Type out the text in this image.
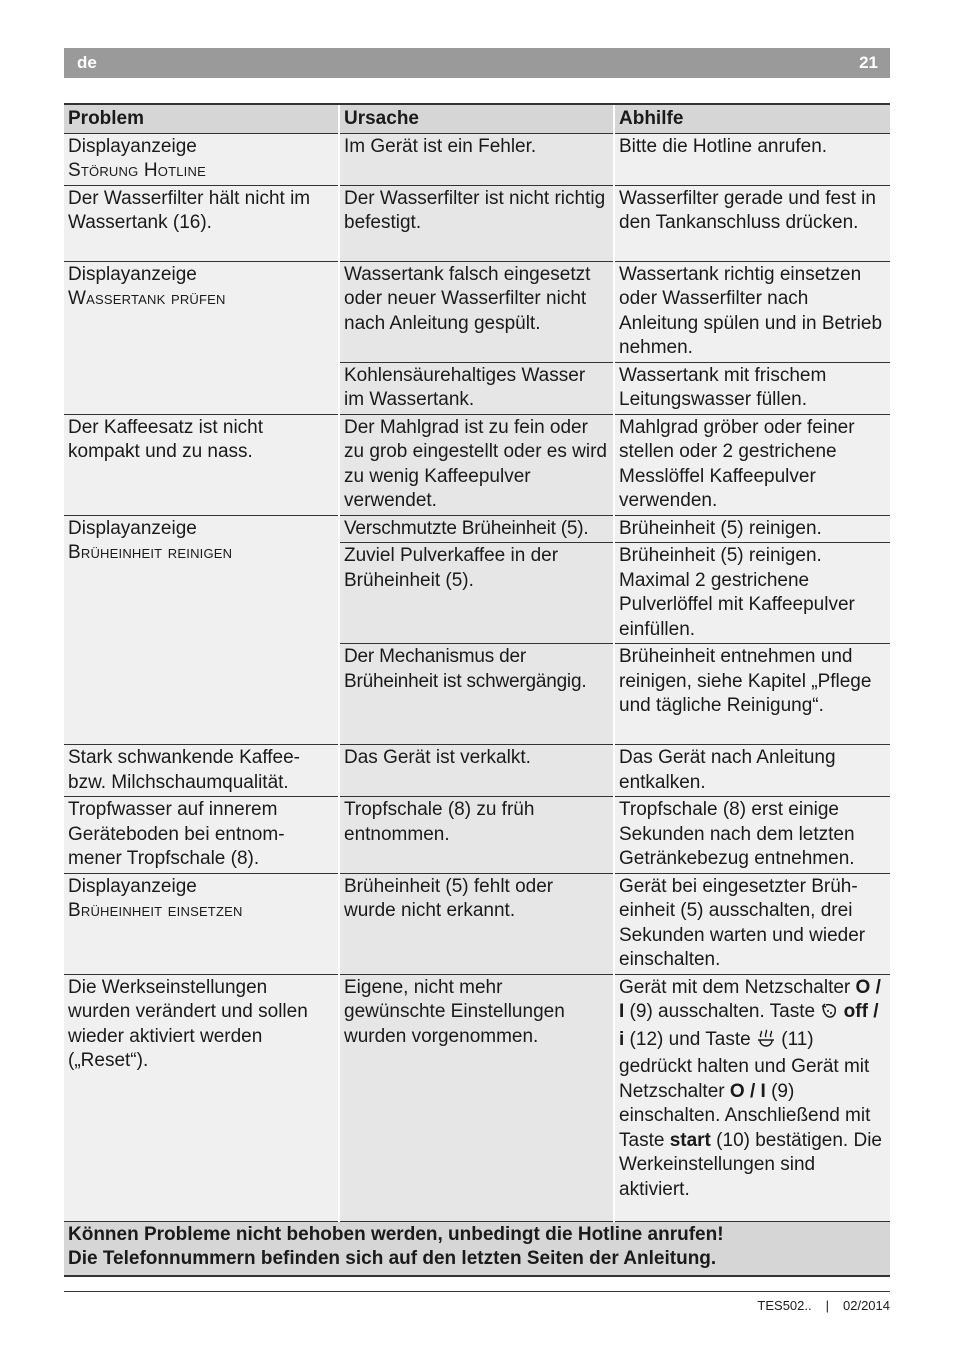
de	21
Problem	Ursache	Abhilfe

Displayanzeige
Störung Hotline	Im Gerät ist ein Fehler.	Bitte die Hotline anrufen.
Der Wasserfilter hält nicht im Wassertank (16).	Der Wasserfilter ist nicht richtig befestigt.	Wasserfilter gerade und fest in den Tankanschluss drücken.

Displayanzeige
Wassertank prüfen	Wassertank falsch eingesetzt oder neuer Wasserfilter nicht nach Anleitung gespült.	Wassertank richtig einsetzen oder Wasserfilter nach Anleitung spülen und in Betrieb nehmen.
	Kohlensäurehaltiges Wasser im Wassertank.	Wassertank mit frischem Leitungswasser füllen.
Der Kaffeesatz ist nicht kompakt und zu nass.	Der Mahlgrad ist zu fein oder zu grob eingestellt oder es wird zu wenig Kaffeepulver verwendet.	Mahlgrad gröber oder feiner stellen oder 2 gestrichene Messlöffel Kaffeepulver verwenden.

Displayanzeige
Brüheinheit reinigen	Verschmutzte Brüheinheit (5).	Brüheinheit (5) reinigen.
	Zuviel Pulverkaffee in der Brüheinheit (5).	Brüheinheit (5) reinigen. Maximal 2 gestrichene Pulverlöffel mit Kaffeepulver einfüllen.
	Der Mechanismus der Brüheinheit ist schwergängig.	Brüheinheit entnehmen und reinigen, siehe Kapitel „Pflege und tägliche Reinigung“.
Stark schwankende Kaffee- bzw. Milchschaumqualität.	Das Gerät ist verkalkt.	Das Gerät nach Anleitung entkalken.
Tropfwasser auf innerem Geräteboden bei entnom-mener Tropfschale (8).	Tropfschale (8) zu früh entnommen.	Tropfschale (8) erst einige Sekunden nach dem letzten Getränkebezug entnehmen.

Displayanzeige
Brüheinheit einsetzen	Brüheinheit (5) fehlt oder wurde nicht erkannt.	Gerät bei eingesetzter Brüh-einheit (5) ausschalten, drei Sekunden warten und wieder einschalten.
Die Werkseinstellungen wurden verändert und sollen wieder aktiviert werden („Reset“).	Eigene, nicht mehr gewünschte Einstellungen wurden vorgenommen.	Gerät mit dem Netzschalter O / I (9) ausschalten. Taste off / i (12) und Taste (11) gedrückt halten und Gerät mit Netzschalter O / I (9) einschalten. Anschließend mit Taste start (10) bestätigen. Die Werkeinstellungen sind aktiviert.

Können Probleme nicht behoben werden, unbedingt die Hotline anrufen!
Die Telefonnummern befinden sich auf den letzten Seiten der Anleitung.		
TES502.. | 02/2014
